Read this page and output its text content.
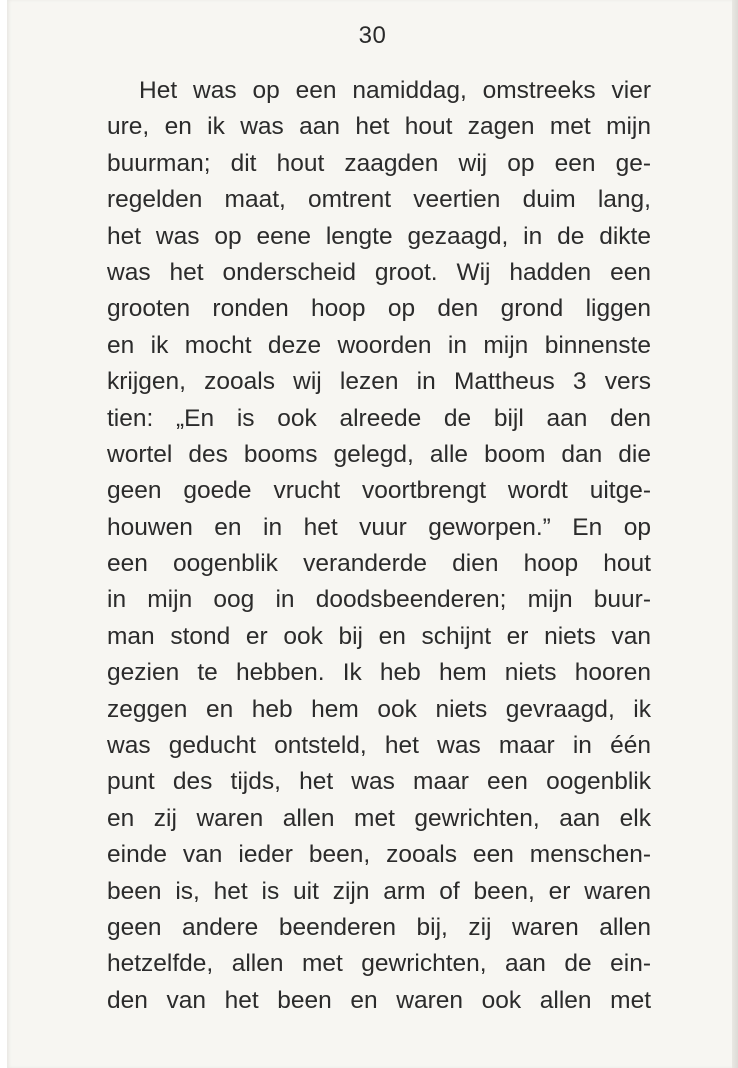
30
Het was op een namiddag, omstreeks vier
ure, en ik was aan het hout zagen met mijn
buurman; dit hout zaagden wij op een ge-
regelden maat, omtrent veertien duim lang,
het was op eene lengte gezaagd, in de dikte
was het onderscheid groot. Wij hadden een
grooten ronden hoop op den grond liggen
en ik mocht deze woorden in mijn binnenste
krijgen, zooals wij lezen in Mattheus 3 vers
tien: „En is ook alreede de bijl aan den
wortel des booms gelegd, alle boom dan die
geen goede vrucht voortbrengt wordt uitge-
houwen en in het vuur geworpen.” En op
een oogenblik veranderde dien hoop hout
in mijn oog in doodsbeenderen; mijn buur-
man stond er ook bij en schijnt er niets van
gezien te hebben. Ik heb hem niets hooren
zeggen en heb hem ook niets gevraagd, ik
was geducht ontsteld, het was maar in één
punt des tijds, het was maar een oogenblik
en zij waren allen met gewrichten, aan elk
einde van ieder been, zooals een menschen-
been is, het is uit zijn arm of been, er waren
geen andere beenderen bij, zij waren allen
hetzelfde, allen met gewrichten, aan de ein-
den van het been en waren ook allen met
